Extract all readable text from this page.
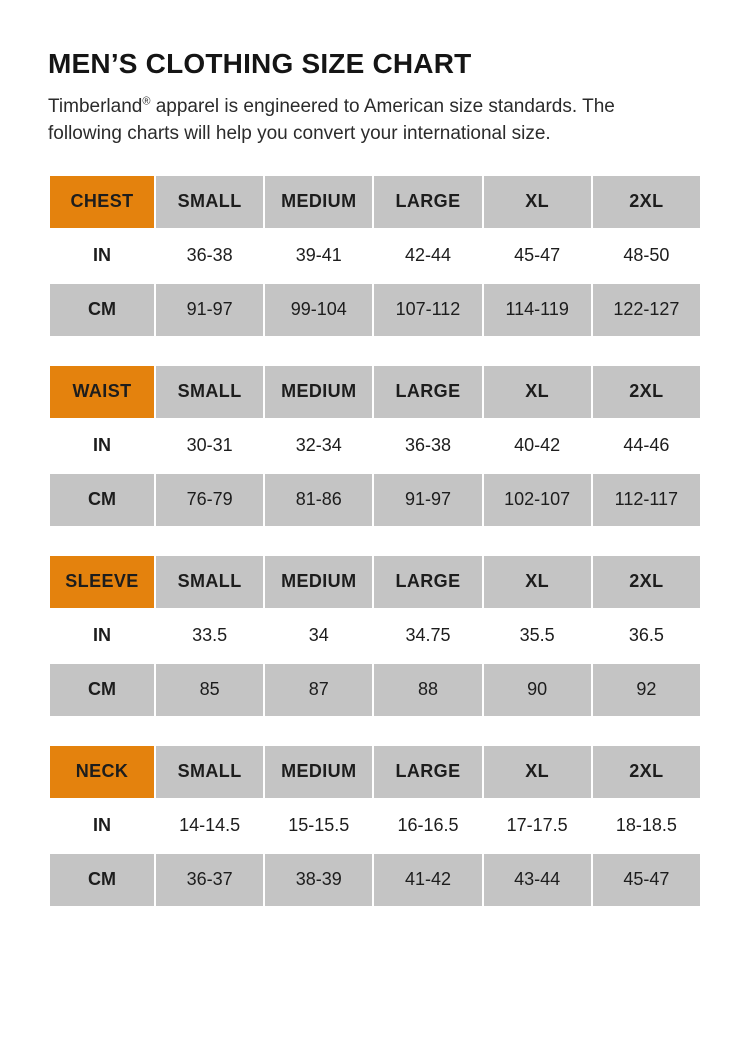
MEN’S CLOTHING SIZE CHART

Timberland® apparel is engineered to American size standards. The following charts will help you convert your international size.

CHEST	SMALL	MEDIUM	LARGE	XL	2XL
IN	36-38	39-41	42-44	45-47	48-50
CM	91-97	99-104	107-112	114-119	122-127
WAIST	SMALL	MEDIUM	LARGE	XL	2XL
IN	30-31	32-34	36-38	40-42	44-46
CM	76-79	81-86	91-97	102-107	112-117
SLEEVE	SMALL	MEDIUM	LARGE	XL	2XL
IN	33.5	34	34.75	35.5	36.5
CM	85	87	88	90	92
NECK	SMALL	MEDIUM	LARGE	XL	2XL
IN	14-14.5	15-15.5	16-16.5	17-17.5	18-18.5
CM	36-37	38-39	41-42	43-44	45-47
